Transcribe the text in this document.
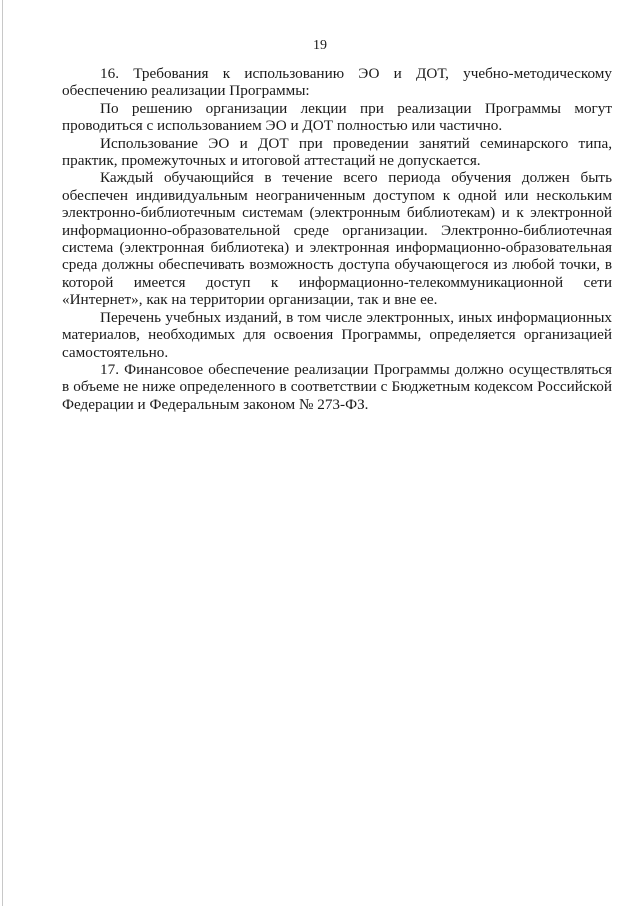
19

16. Требования к использованию ЭО и ДОТ, учебно-методическому обеспечению реализации Программы:

По решению организации лекции при реализации Программы могут проводиться с использованием ЭО и ДОТ полностью или частично.

Использование ЭО и ДОТ при проведении занятий семинарского типа, практик, промежуточных и итоговой аттестаций не допускается.

Каждый обучающийся в течение всего периода обучения должен быть обеспечен индивидуальным неограниченным доступом к одной или нескольким электронно-библиотечным системам (электронным библиотекам) и к электронной информационно-образовательной среде организации. Электронно-библиотечная система (электронная библиотека) и электронная информационно-образовательная среда должны обеспечивать возможность доступа обучающегося из любой точки, в которой имеется доступ к информационно-телекоммуникационной сети «Интернет», как на территории организации, так и вне ее.

Перечень учебных изданий, в том числе электронных, иных информационных материалов, необходимых для освоения Программы, определяется организацией самостоятельно.

17. Финансовое обеспечение реализации Программы должно осуществляться в объеме не ниже определенного в соответствии с Бюджетным кодексом Российской Федерации и Федеральным законом № 273-ФЗ.
